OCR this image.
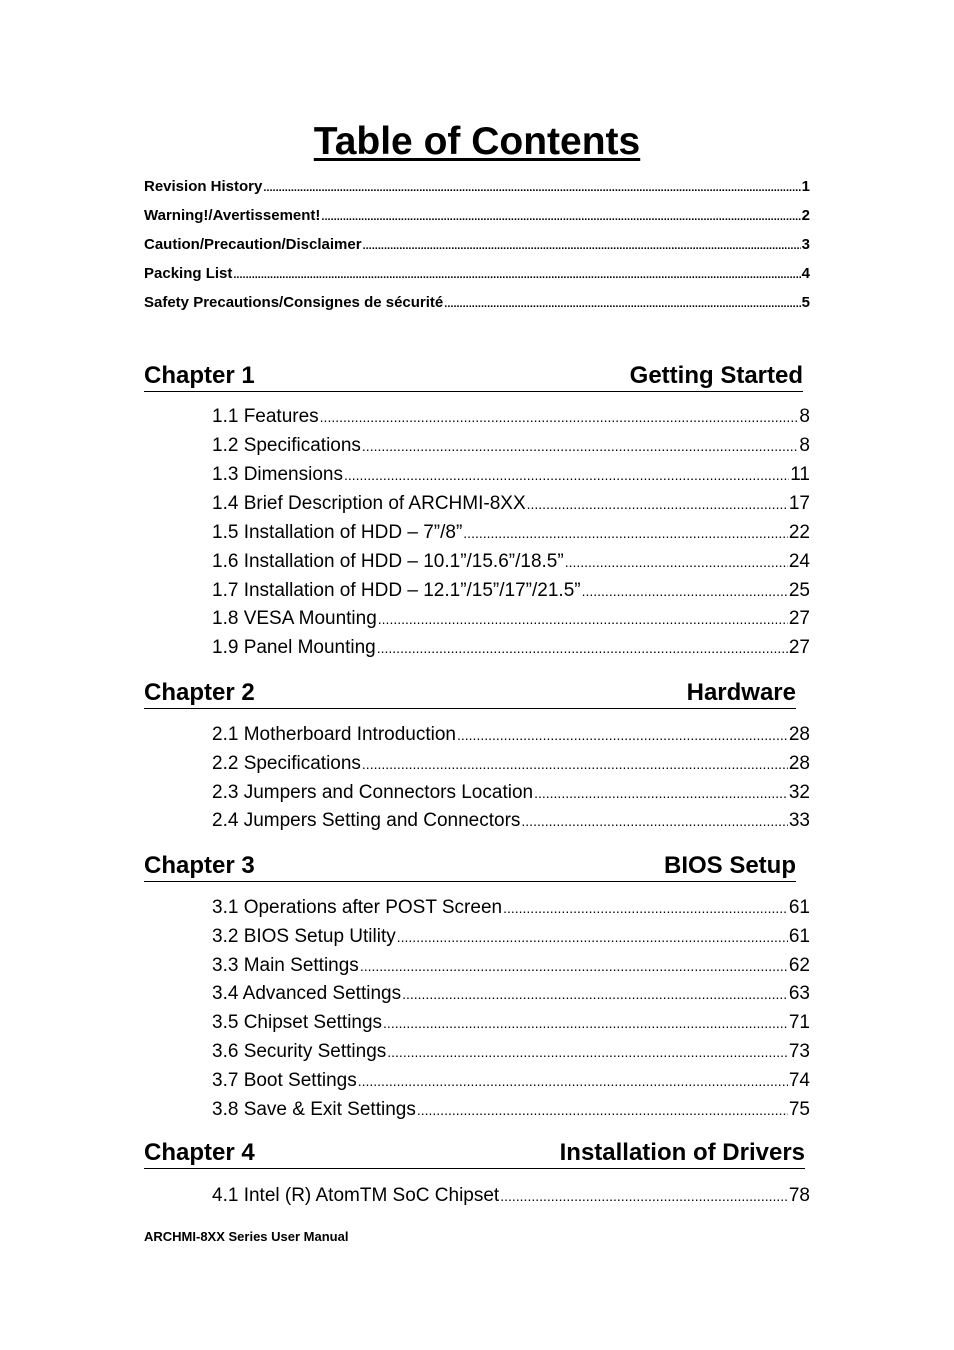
Table of Contents
Revision History .....	1
Warning!/Avertissement! .....	2
Caution/Precaution/Disclaimer .....	3
Packing List .....	4
Safety Precautions/Consignes de sécurité .....	5
Chapter 1	Getting Started
1.1 Features .....	8
1.2 Specifications .....	8
1.3 Dimensions .....	11
1.4 Brief Description of ARCHMI-8XX .....	17
1.5 Installation of HDD – 7”/8” .....	22
1.6 Installation of HDD – 10.1”/15.6”/18.5” .....	24
1.7 Installation of HDD – 12.1”/15”/17”/21.5” .....	25
1.8 VESA Mounting .....	27
1.9 Panel Mounting .....	27
Chapter 2	Hardware
2.1 Motherboard Introduction .....	28
2.2 Specifications .....	28
2.3 Jumpers and Connectors Location .....	32
2.4 Jumpers Setting and Connectors .....	33
Chapter 3	BIOS Setup
3.1 Operations after POST Screen .....	61
3.2 BIOS Setup Utility .....	61
3.3 Main Settings .....	62
3.4 Advanced Settings .....	63
3.5 Chipset Settings .....	71
3.6 Security Settings .....	73
3.7 Boot Settings .....	74
3.8 Save & Exit Settings .....	75
Chapter 4	Installation of Drivers
4.1 Intel (R) AtomTM SoC Chipset .....	78
ARCHMI-8XX Series User Manual
